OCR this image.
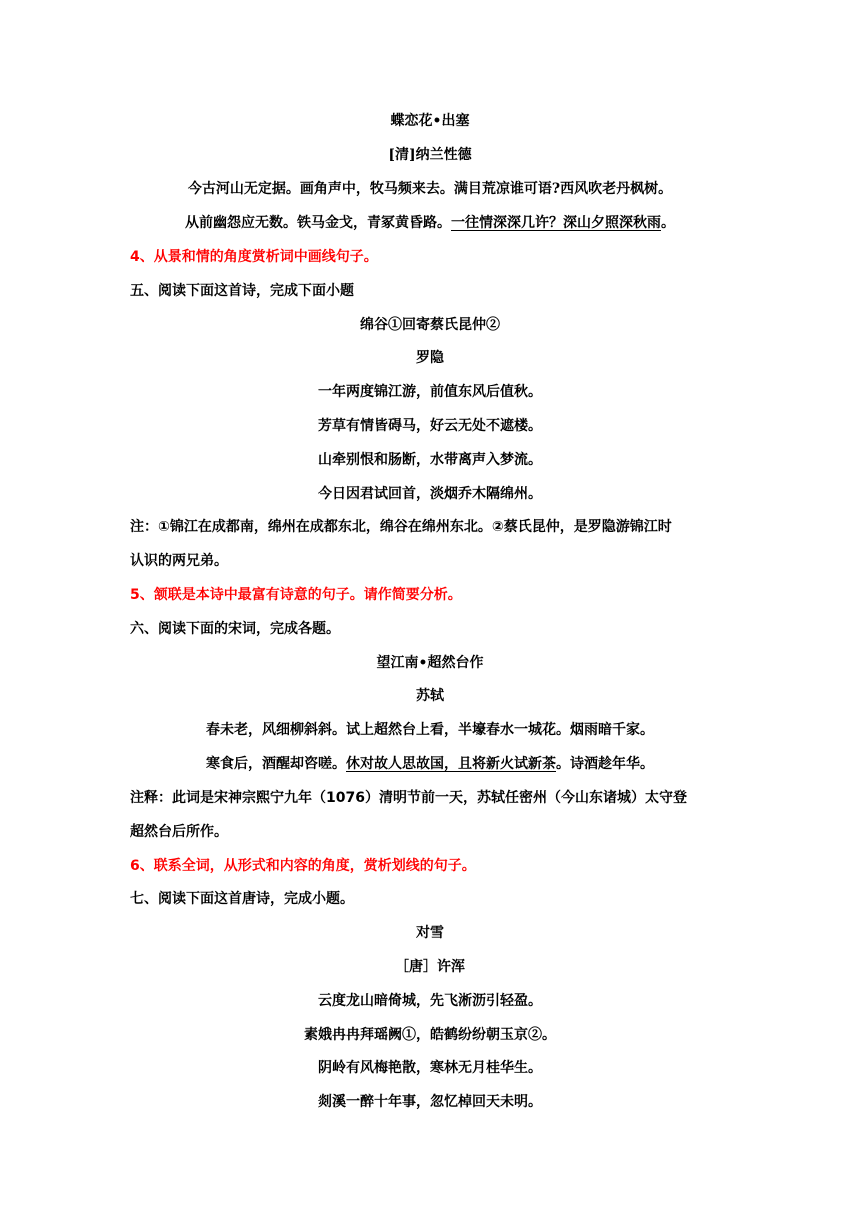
蝶恋花•出塞
[清]纳兰性德
今古河山无定据。画角声中，牧马频来去。满目荒凉谁可语?西风吹老丹枫树。
从前幽怨应无数。铁马金戈，青冢黄昏路。一往情深深几许？深山夕照深秋雨。
4、从景和情的角度赏析词中画线句子。
五、阅读下面这首诗，完成下面小题
绵谷①回寄蔡氏昆仲②
罗隐
一年两度锦江游，前值东风后值秋。
芳草有情皆碍马，好云无处不遮楼。
山牵别恨和肠断，水带离声入梦流。
今日因君试回首，淡烟乔木隔绵州。
注：①锦江在成都南，绵州在成都东北，绵谷在绵州东北。②蔡氏昆仲，是罗隐游锦江时
认识的两兄弟。
5、颔联是本诗中最富有诗意的句子。请作简要分析。
六、阅读下面的宋词，完成各题。
望江南•超然台作
苏轼
春未老，风细柳斜斜。试上超然台上看，半壕春水一城花。烟雨暗千家。
寒食后，酒醒却咨嗟。休对故人思故国，且将新火试新茶。诗酒趁年华。
注释：此词是宋神宗熙宁九年（1076）清明节前一天，苏轼任密州（今山东诸城）太守登
超然台后所作。
6、联系全词，从形式和内容的角度，赏析划线的句子。
七、阅读下面这首唐诗，完成小题。
对雪
［唐］许浑
云度龙山暗倚城，先飞淅沥引轻盈。
素娥冉冉拜瑶阙①，皓鹤纷纷朝玉京②。
阴岭有风梅艳散，寒林无月桂华生。
剡溪一醉十年事，忽忆棹回天未明。
